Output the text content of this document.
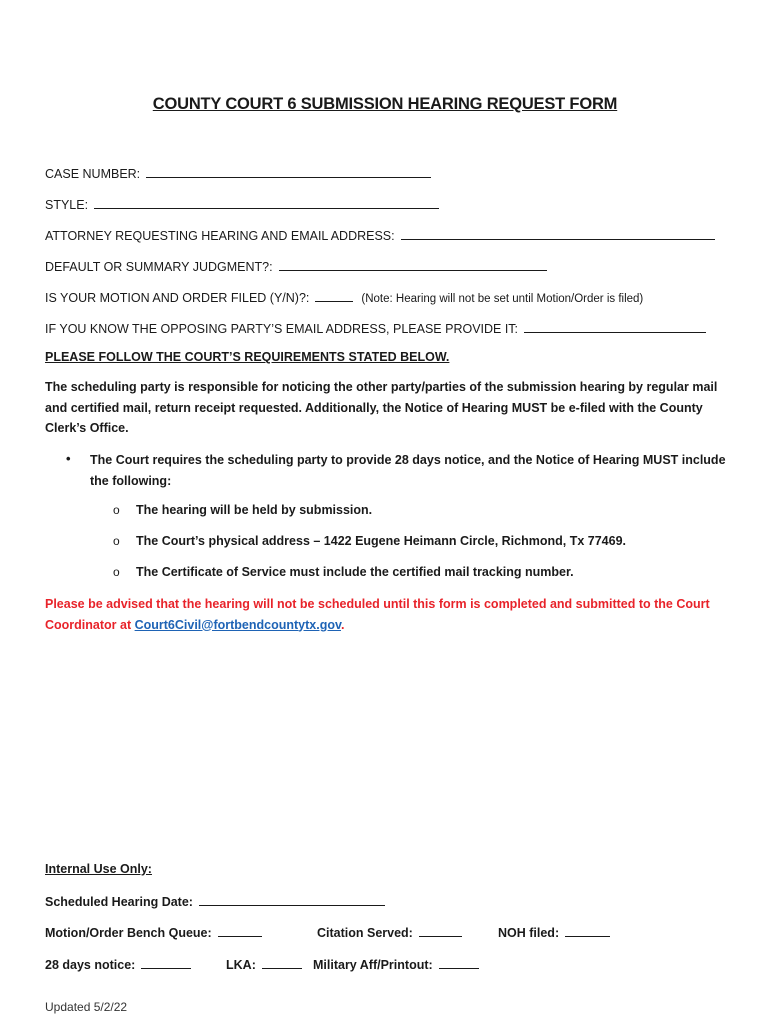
COUNTY COURT 6 SUBMISSION HEARING REQUEST FORM
CASE NUMBER:
STYLE:
ATTORNEY REQUESTING HEARING AND EMAIL ADDRESS:
DEFAULT OR SUMMARY JUDGMENT?:
IS YOUR MOTION AND ORDER FILED (Y/N)?:	(Note: Hearing will not be set until Motion/Order is filed)
IF YOU KNOW THE OPPOSING PARTY’S EMAIL ADDRESS, PLEASE PROVIDE IT:
PLEASE FOLLOW THE COURT’S REQUIREMENTS STATED BELOW.
The scheduling party is responsible for noticing the other party/parties of the submission hearing by regular mail and certified mail, return receipt requested. Additionally, the Notice of Hearing MUST be e-filed with the County Clerk’s Office.
• The Court requires the scheduling party to provide 28 days notice, and the Notice of Hearing MUST include the following:
o The hearing will be held by submission.
o The Court’s physical address – 1422 Eugene Heimann Circle, Richmond, Tx 77469.
o The Certificate of Service must include the certified mail tracking number.
Please be advised that the hearing will not be scheduled until this form is completed and submitted to the Court Coordinator at Court6Civil@fortbendcountytx.gov.
Internal Use Only:
Scheduled Hearing Date:
Motion/Order Bench Queue:	Citation Served:	NOH filed:
28 days notice:	LKA:	Military Aff/Printout:
Updated 5/2/22
